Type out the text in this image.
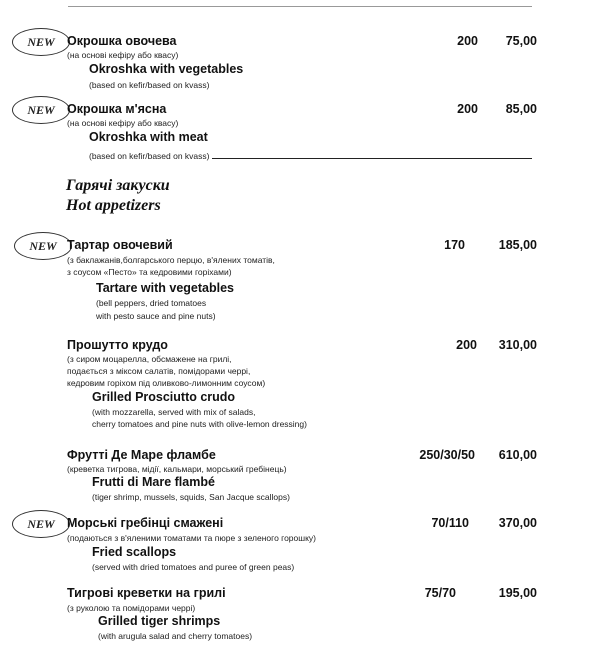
NEW Окрошка овочева	200	75,00
(на основі кефіру або квасу)
Okroshka with vegetables
(based on kefir/based on kvass)
NEW Окрошка м'ясна	200	85,00
(на основі кефіру або квасу)
Okroshka with meat
(based on kefir/based on kvass)
Гарячі закуски
Hot appetizers
NEW Тартар овочевий	170	185,00
(з баклажанів,болгарського перцю, в'ялених томатів,
з соусом «Песто» та кедровими горіхами)
Tartare with vegetables
(bell peppers, dried tomatoes
with pesto sauce and pine nuts)
Прошутто крудо	200	310,00
(з сиром моцарелла, обсмажене на грилі,
подається з міксом салатів, помідорами черрі,
кедровим горіхом під оливково-лимонним соусом)
Grilled Prosciutto crudo
(with mozzarella, served with mix of salads,
cherry tomatoes and pine nuts with olive-lemon dressing)
Фрутті Де Маре фламбе	250/30/50	610,00
(креветка тигрова, мідії, кальмари, морський гребінець)
Frutti di Mare flambé
(tiger shrimp, mussels, squids, San Jacque scallops)
NEW Морські гребінці смажені	70/110	370,00
(подаються з в'яленими томатами та пюре з зеленого горошку)
Fried scallops
(served with dried tomatoes and puree of green peas)
Тигрові креветки на грилі	75/70	195,00
(з руколою та помідорами черрі)
Grilled tiger shrimps
(with arugula salad and cherry tomatoes)
